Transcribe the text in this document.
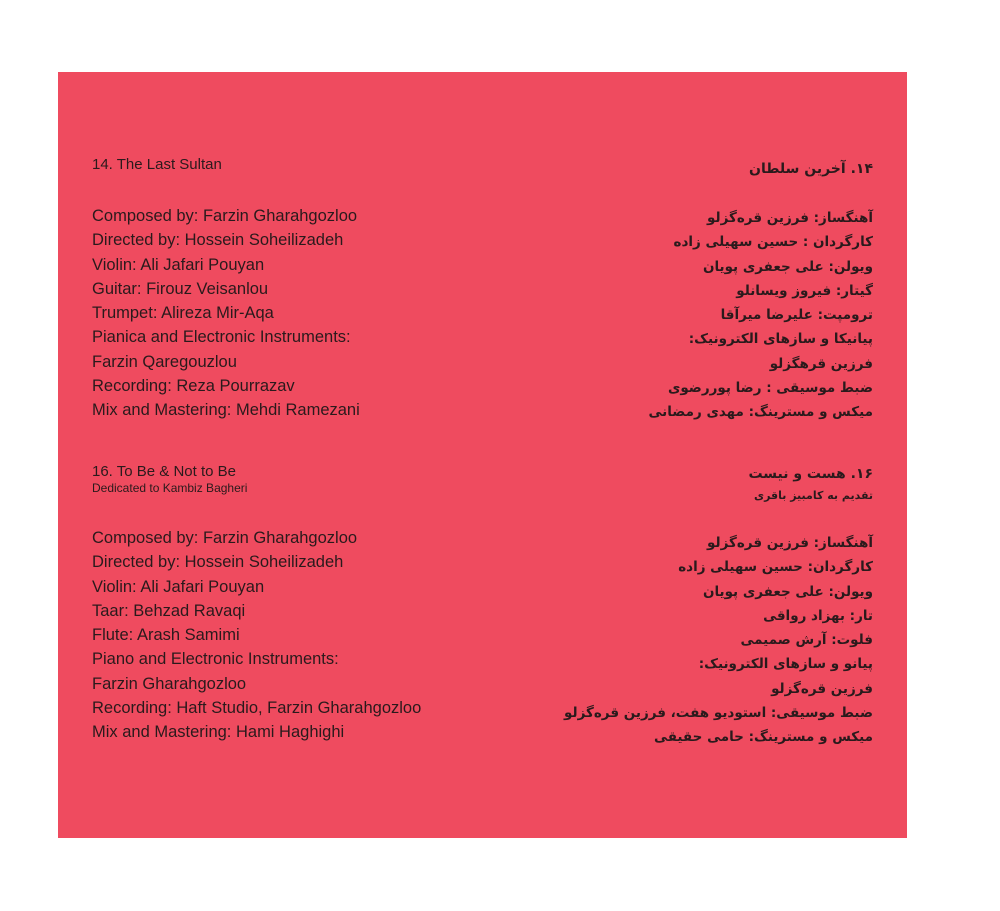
14. The Last Sultan

Composed by: Farzin Gharahgozloo

Directed by: Hossein Soheilizadeh

Violin: Ali Jafari Pouyan

Guitar: Firouz Veisanlou

Trumpet: Alireza Mir-Aqa

Pianica and Electronic Instruments:

Farzin Qaregouzlou

Recording: Reza Pourrazav

Mix and Mastering: Mehdi Ramezani

16. To Be & Not to Be

Dedicated to Kambiz Bagheri

Composed by: Farzin Gharahgozloo

Directed by: Hossein Soheilizadeh

Violin: Ali Jafari Pouyan

Taar: Behzad Ravaqi

Flute: Arash Samimi

Piano and Electronic Instruments:

Farzin Gharahgozloo

Recording: Haft Studio, Farzin Gharahgozloo

Mix and Mastering: Hami Haghighi

۱۴. آخرین سلطان

آهنگساز: فرزین قره‌گزلو

کارگردان : حسین سهیلی زاده

ویولن: علی جعفری پویان

گیتار: فیروز ویسانلو

ترومپت: علیرضا میرآقا

پیانیکا و سازهای الکترونیک:

فرزین قرهگزلو

ضبط موسیقی : رضا پوررضوی

میکس و مسترینگ: مهدی رمضانی

۱۶. هست و نیست

تقدیم به کامبیز باقری

آهنگساز: فرزین قره‌گزلو

کارگردان: حسین سهیلی زاده

ویولن: علی جعفری پویان

تار: بهزاد رواقی

فلوت: آرش صمیمی

پیانو و سازهای الکترونیک:

فرزین قره‌گزلو

ضبط موسیقی: استودیو هفت، فرزین قره‌گزلو

میکس و مسترینگ: حامی حقیقی
